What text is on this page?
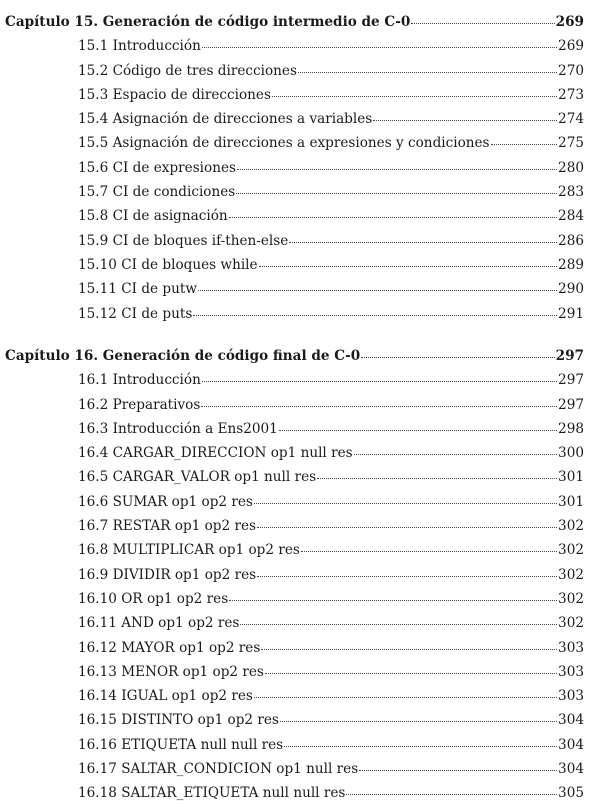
Capítulo 15. Generación de código intermedio de C-0	269
15.1 Introducción	269
15.2 Código de tres direcciones	270
15.3 Espacio de direcciones	273
15.4 Asignación de direcciones a variables	274
15.5 Asignación de direcciones a expresiones y condiciones	275
15.6 CI de expresiones	280
15.7 CI de condiciones	283
15.8 CI de asignación	284
15.9 CI de bloques if-then-else	286
15.10 CI de bloques while	289
15.11 CI de putw	290
15.12 CI de puts	291
Capítulo 16. Generación de código final de C-0	297
16.1 Introducción	297
16.2 Preparativos	297
16.3 Introducción a Ens2001	298
16.4 CARGAR_DIRECCION op1 null res	300
16.5 CARGAR_VALOR op1 null res	301
16.6 SUMAR op1 op2 res	301
16.7 RESTAR op1 op2 res	302
16.8 MULTIPLICAR op1 op2 res	302
16.9 DIVIDIR op1 op2 res	302
16.10 OR op1 op2 res	302
16.11 AND op1 op2 res	302
16.12 MAYOR op1 op2 res	303
16.13 MENOR op1 op2 res	303
16.14 IGUAL op1 op2 res	303
16.15 DISTINTO op1 op2 res	304
16.16 ETIQUETA null null res	304
16.17 SALTAR_CONDICION op1 null res	304
16.18 SALTAR_ETIQUETA null null res	305
